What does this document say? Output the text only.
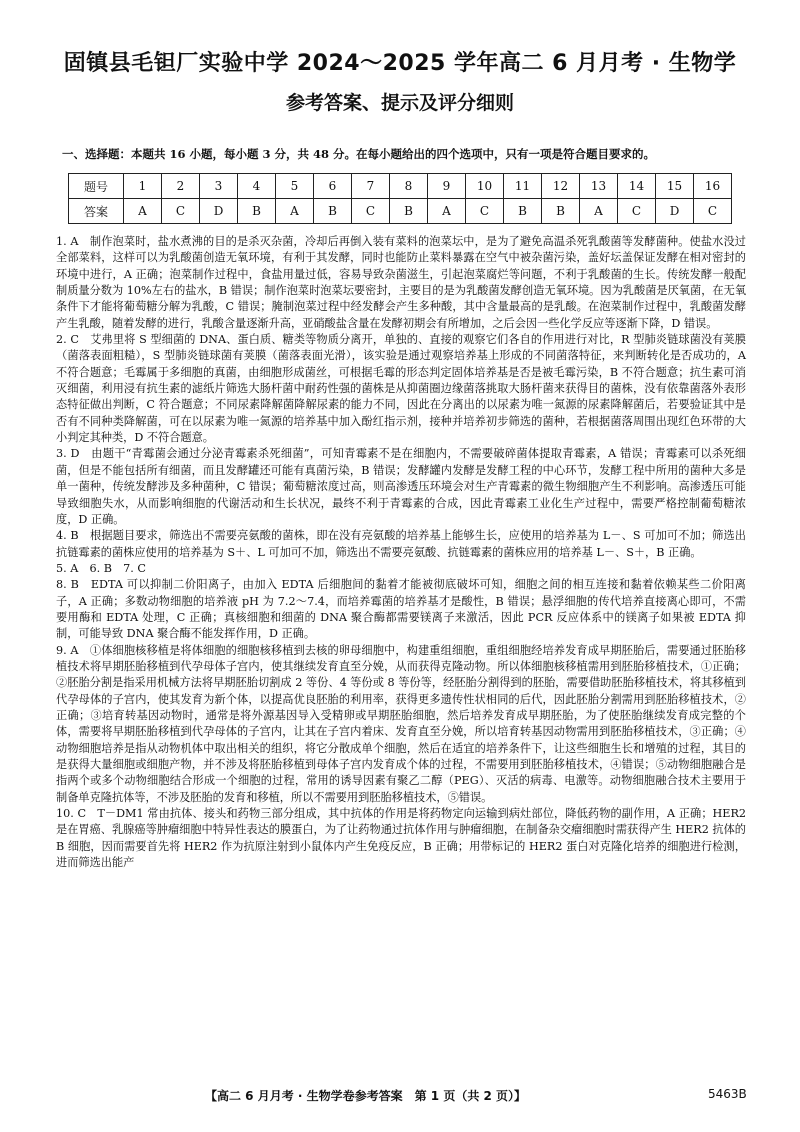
固镇县毛钽厂实验中学 2024～2025 学年高二 6 月月考 · 生物学
参考答案、提示及评分细则
一、选择题：本题共 16 小题，每小题 3 分，共 48 分。在每小题给出的四个选项中，只有一项是符合题目要求的。
题号	1	2	3	4	5	6	7	8	9	10	11	12	13	14	15	16
答案	A	C	D	B	A	B	C	B	A	C	B	B	A	C	D	C

1. A　制作泡菜时，盐水煮沸的目的是杀灭杂菌，冷却后再倒入装有菜料的泡菜坛中，是为了避免高温杀死乳酸菌等发酵菌种。使盐水没过全部菜料，这样可以为乳酸菌创造无氧环境，有利于其发酵，同时也能防止菜料暴露在空气中被杂菌污染，盖好坛盖保证发酵在相对密封的环境中进行，A 正确；泡菜制作过程中，食盐用量过低，容易导致杂菌滋生，引起泡菜腐烂等问题，不利于乳酸菌的生长。传统发酵一般配制质量分数为 10%左右的盐水，B 错误；制作泡菜时泡菜坛要密封，主要目的是为乳酸菌发酵创造无氧环境。因为乳酸菌是厌氧菌，在无氧条件下才能将葡萄糖分解为乳酸，C 错误；腌制泡菜过程中经发酵会产生多种酸，其中含量最高的是乳酸。在泡菜制作过程中，乳酸菌发酵产生乳酸，随着发酵的进行，乳酸含量逐渐升高，亚硝酸盐含量在发酵初期会有所增加，之后会因一些化学反应等逐渐下降，D 错误。

2. C　艾弗里将 S 型细菌的 DNA、蛋白质、糖类等物质分离开，单独的、直接的观察它们各自的作用进行对比，R 型肺炎链球菌没有荚膜（菌落表面粗糙），S 型肺炎链球菌有荚膜（菌落表面光滑），该实验是通过观察培养基上形成的不同菌落特征，来判断转化是否成功的，A 不符合题意；毛霉属于多细胞的真菌，由细胞形成菌丝，可根据毛霉的形态判定固体培养基是否是被毛霉污染，B 不符合题意；抗生素可消灭细菌，利用浸有抗生素的滤纸片筛选大肠杆菌中耐药性强的菌株是从抑菌圈边缘菌落挑取大肠杆菌来获得目的菌株，没有依靠菌落外表形态特征做出判断，C 符合题意；不同尿素降解菌降解尿素的能力不同，因此在分离出的以尿素为唯一氮源的尿素降解菌后，若要验证其中是否有不同种类降解菌，可在以尿素为唯一氮源的培养基中加入酚红指示剂，接种并培养初步筛选的菌种，若根据菌落周围出现红色环带的大小判定其种类，D 不符合题意。

3. D　由题干“青霉菌会通过分泌青霉素杀死细菌”，可知青霉素不是在细胞内，不需要破碎菌体提取青霉素，A 错误；青霉素可以杀死细菌，但是不能包括所有细菌，而且发酵罐还可能有真菌污染，B 错误；发酵罐内发酵是发酵工程的中心环节，发酵工程中所用的菌种大多是单一菌种，传统发酵涉及多种菌种，C 错误；葡萄糖浓度过高，则高渗透压环境会对生产青霉素的微生物细胞产生不利影响。高渗透压可能导致细胞失水，从而影响细胞的代谢活动和生长状况，最终不利于青霉素的合成，因此青霉素工业化生产过程中，需要严格控制葡萄糖浓度，D 正确。

4. B　根据题目要求，筛选出不需要亮氨酸的菌株，即在没有亮氨酸的培养基上能够生长，应使用的培养基为 L－、S 可加可不加；筛选出抗链霉素的菌株应使用的培养基为 S＋、L 可加可不加，筛选出不需要亮氨酸、抗链霉素的菌株应用的培养基 L－、S＋，B 正确。

5. A　6. B　7. C

8. B　EDTA 可以抑制二价阳离子，由加入 EDTA 后细胞间的黏着才能被彻底破坏可知，细胞之间的相互连接和黏着依赖某些二价阳离子，A 正确；多数动物细胞的培养液 pH 为 7.2～7.4，而培养霉菌的培养基才是酸性，B 错误；悬浮细胞的传代培养直接离心即可，不需要用酶和 EDTA 处理，C 正确；真核细胞和细菌的 DNA 聚合酶都需要镁离子来激活，因此 PCR 反应体系中的镁离子如果被 EDTA 抑制，可能导致 DNA 聚合酶不能发挥作用，D 正确。

9. A　①体细胞核移植是将体细胞的细胞核移植到去核的卵母细胞中，构建重组细胞，重组细胞经培养发育成早期胚胎后，需要通过胚胎移植技术将早期胚胎移植到代孕母体子宫内，使其继续发育直至分娩，从而获得克隆动物。所以体细胞核移植需用到胚胎移植技术，①正确；②胚胎分割是指采用机械方法将早期胚胎切割成 2 等份、4 等份或 8 等份等，经胚胎分割得到的胚胎，需要借助胚胎移植技术，将其移植到代孕母体的子宫内，使其发育为新个体，以提高优良胚胎的利用率，获得更多遗传性状相同的后代，因此胚胎分割需用到胚胎移植技术，②正确；③培育转基因动物时，通常是将外源基因导入受精卵或早期胚胎细胞，然后培养发育成早期胚胎，为了使胚胎继续发育成完整的个体，需要将早期胚胎移植到代孕母体的子宫内，让其在子宫内着床、发育直至分娩，所以培育转基因动物需用到胚胎移植技术，③正确；④动物细胞培养是指从动物机体中取出相关的组织，将它分散成单个细胞，然后在适宜的培养条件下，让这些细胞生长和增殖的过程，其目的是获得大量细胞或细胞产物，并不涉及将胚胎移植到母体子宫内发育成个体的过程，不需要用到胚胎移植技术，④错误；⑤动物细胞融合是指两个或多个动物细胞结合形成一个细胞的过程，常用的诱导因素有聚乙二醇（PEG）、灭活的病毒、电激等。动物细胞融合技术主要用于制备单克隆抗体等，不涉及胚胎的发育和移植，所以不需要用到胚胎移植技术，⑤错误。

10. C　T－DM1 常由抗体、接头和药物三部分组成，其中抗体的作用是将药物定向运输到病灶部位，降低药物的副作用，A 正确；HER2 是在胃癌、乳腺癌等肿瘤细胞中特异性表达的膜蛋白，为了让药物通过抗体作用与肿瘤细胞，在制备杂交瘤细胞时需获得产生 HER2 抗体的 B 细胞，因而需要首先将 HER2 作为抗原注射到小鼠体内产生免疫反应，B 正确；用带标记的 HER2 蛋白对克隆化培养的细胞进行检测，进而筛选出能产

【高二 6 月月考 · 生物学卷参考答案　第 1 页（共 2 页）】	5463B
